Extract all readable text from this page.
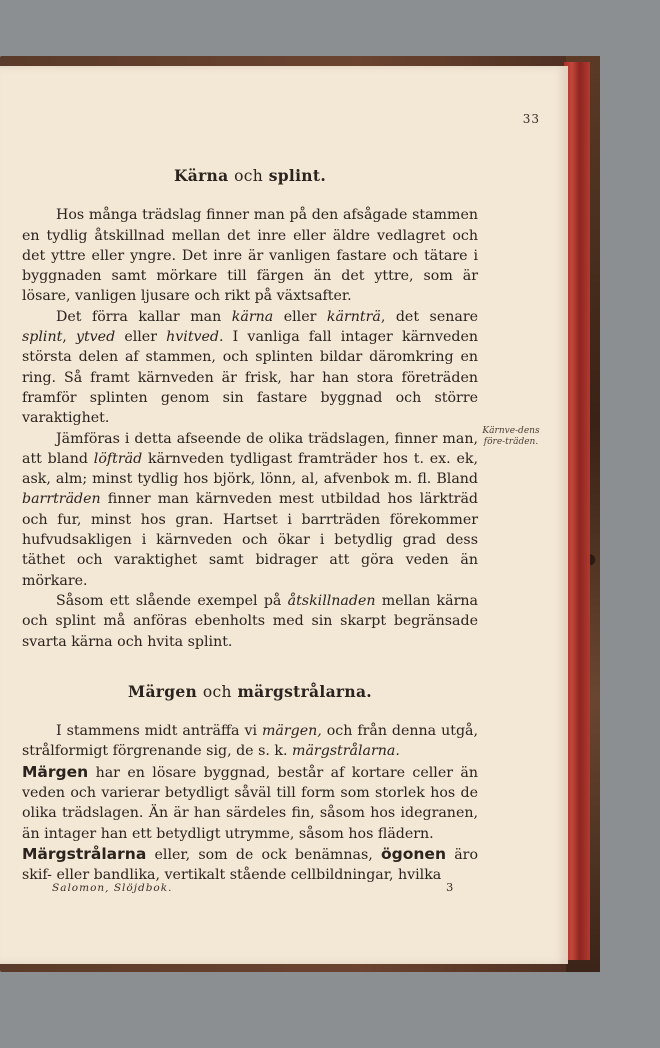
33
Kärna och splint.

Hos många trädslag finner man på den afsågade stammen en tydlig åtskillnad mellan det inre eller äldre vedlagret och det yttre eller yngre. Det inre är vanligen fastare och tätare i byggnaden samt mörkare till färgen än det yttre, som är lösare, vanligen ljusare och rikt på växtsafter.

Det förra kallar man kärna eller kärnträ, det senare splint, ytved eller hvitved. I vanliga fall intager kärnveden största delen af stammen, och splinten bildar däromkring en ring. Så framt kärnveden är frisk, har han stora företräden framför splinten genom sin fastare byggnad och större varaktighet.

Jämföras i detta afseende de olika trädslagen, finner man, att bland löfträd kärnveden tydligast framträder hos t. ex. ek, ask, alm; minst tydlig hos björk, lönn, al, afvenbok m. fl. Bland barrträden finner man kärnveden mest utbildad hos lärkträd och fur, minst hos gran. Hartset i barrträden förekommer hufvudsakligen i kärnveden och ökar i betydlig grad dess täthet och varaktighet samt bidrager att göra veden än mörkare.

Såsom ett slående exempel på åtskillnaden mellan kärna och splint må anföras ebenholts med sin skarpt begränsade svarta kärna och hvita splint.

Märgen och märgstrålarna.

I stammens midt anträffa vi märgen, och från denna utgå, strålformigt förgrenande sig, de s. k. märgstrålarna.

Märgen har en lösare byggnad, består af kortare celler än veden och varierar betydligt såväl till form som storlek hos de olika trädslagen. Än är han särdeles fin, såsom hos idegranen, än intager han ett betydligt utrymme, såsom hos flädern.

Märgstrålarna eller, som de ock benämnas, ögonen äro skif- eller bandlika, vertikalt stående cellbildningar, hvilka

Kärnve-dens före-träden.
Salomon, Slöjdbok.	3
